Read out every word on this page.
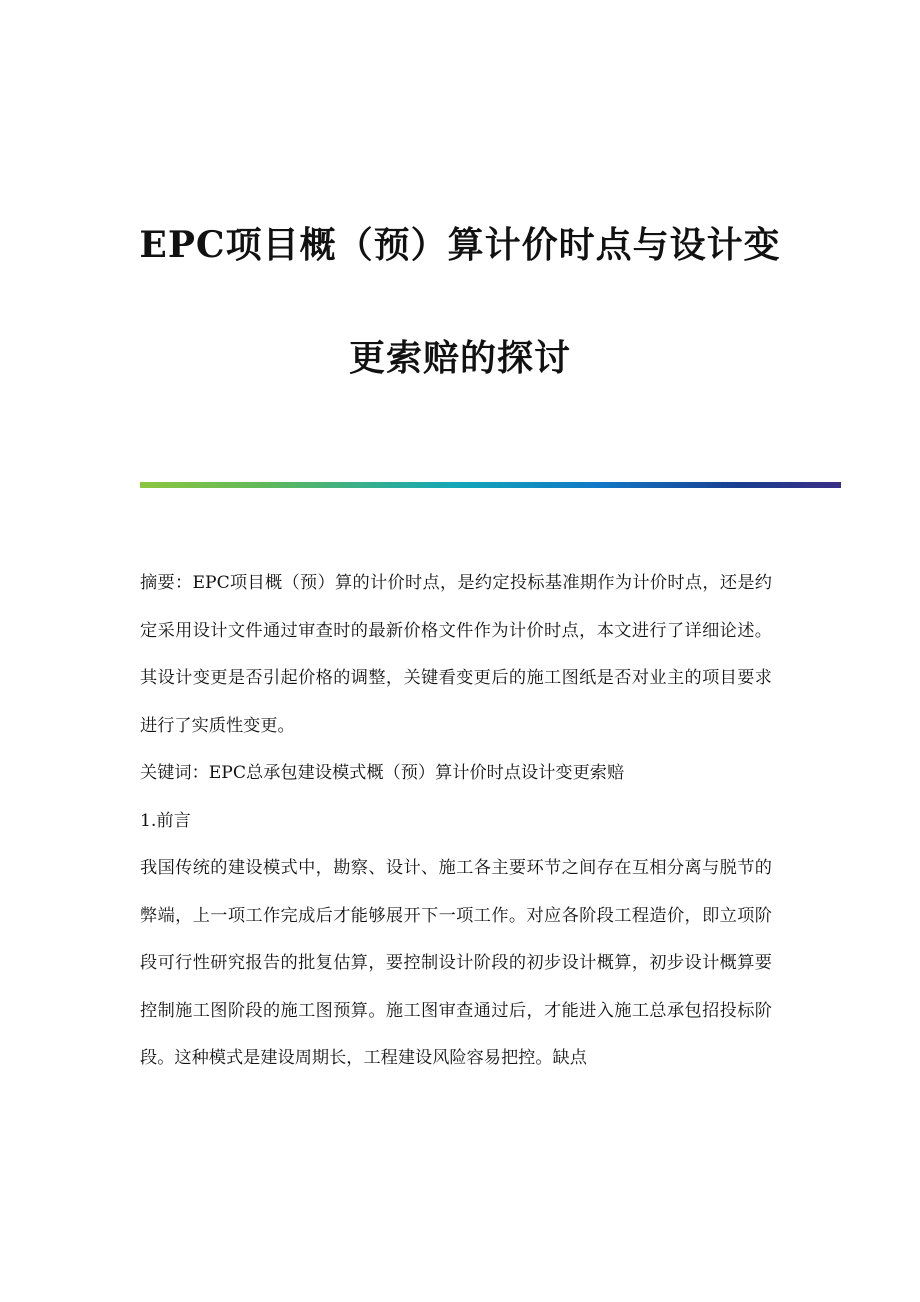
EPC项目概（预）算计价时点与设计变

更索赔的探讨

摘要：EPC项目概（预）算的计价时点，是约定投标基准期作为计价时点，还是约定采用设计文件通过审查时的最新价格文件作为计价时点，本文进行了详细论述。其设计变更是否引起价格的调整，关键看变更后的施工图纸是否对业主的项目要求进行了实质性变更。

关键词：EPC总承包建设模式概（预）算计价时点设计变更索赔

1.前言

我国传统的建设模式中，勘察、设计、施工各主要环节之间存在互相分离与脱节的弊端，上一项工作完成后才能够展开下一项工作。对应各阶段工程造价，即立项阶段可行性研究报告的批复估算，要控制设计阶段的初步设计概算，初步设计概算要控制施工图阶段的施工图预算。施工图审查通过后，才能进入施工总承包招投标阶段。这种模式是建设周期长，工程建设风险容易把控。缺点
